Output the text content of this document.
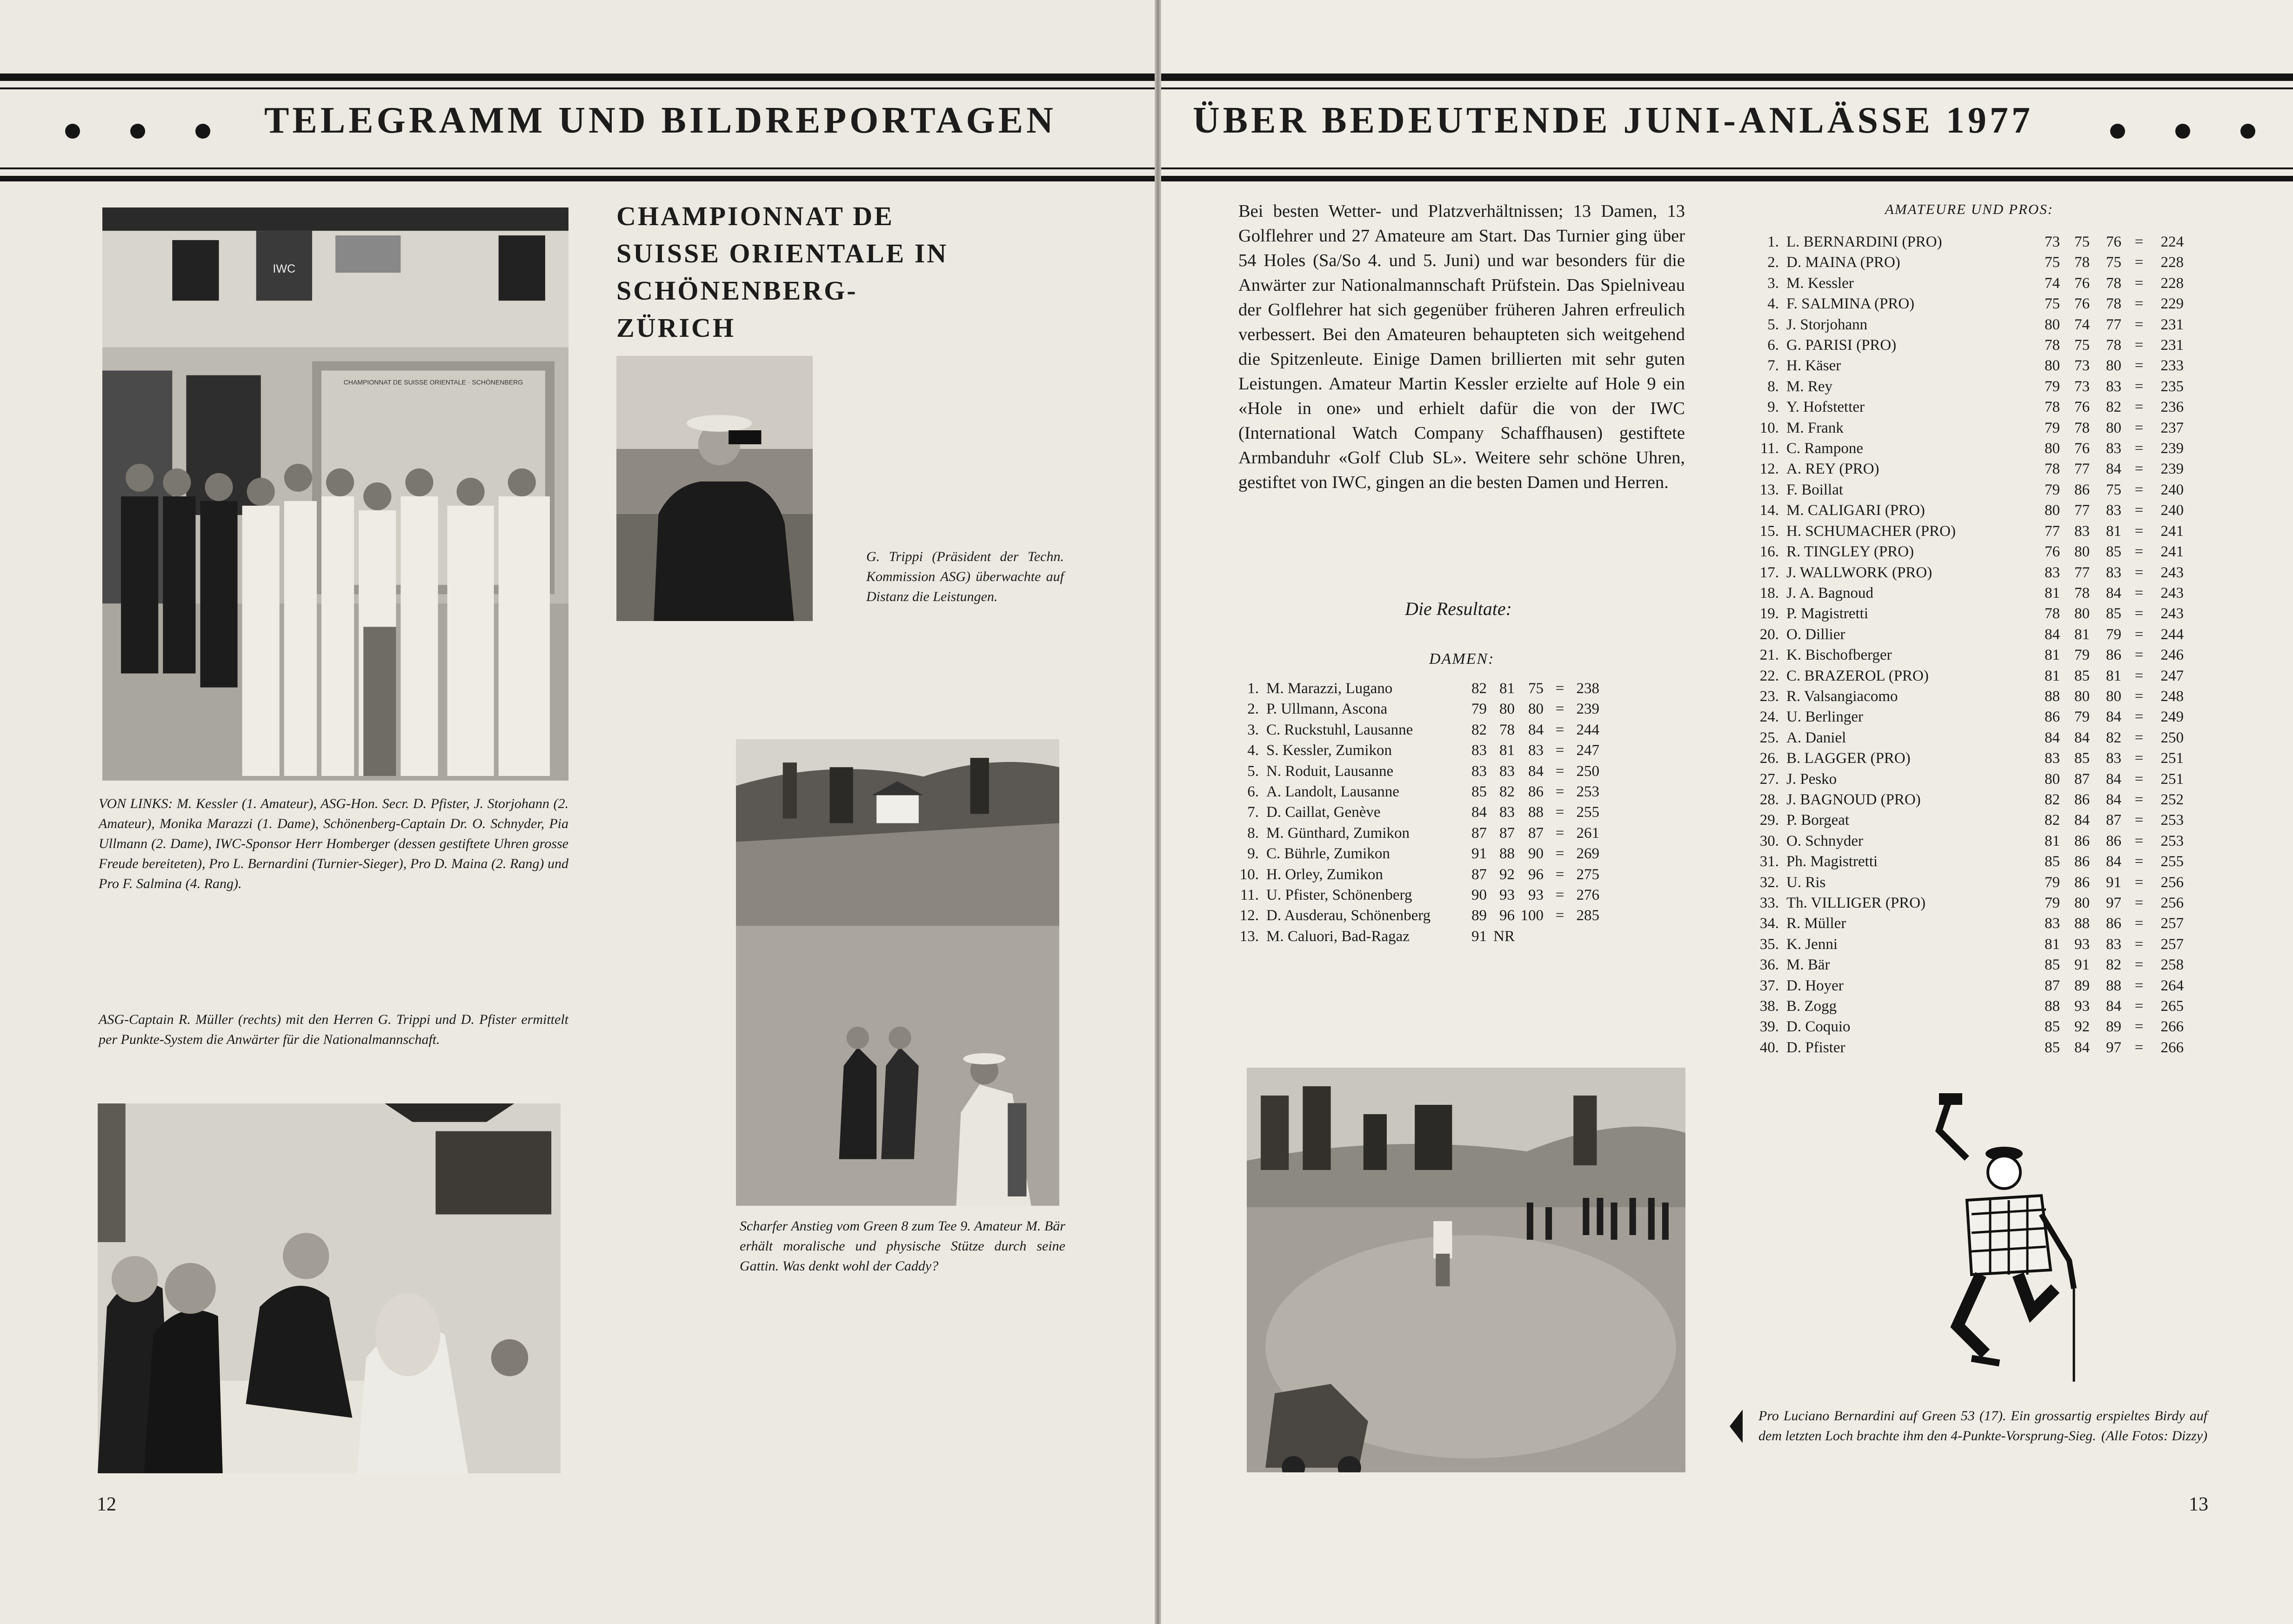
TELEGRAMM UND BILDREPORTAGEN	ÜBER BEDEUTENDE JUNI-ANLÄSSE 1977
IWC
CHAMPIONNAT DE SUISSE ORIENTALE · SCHÖNENBERG
VON LINKS: M. Kessler (1. Amateur), ASG-Hon. Secr. D. Pfister, J. Storjohann (2. Amateur), Monika Marazzi (1. Dame), Schönenberg-Captain Dr. O. Schnyder, Pia Ullmann (2. Dame), IWC-Sponsor Herr Homberger (dessen gestiftete Uhren grosse Freude bereiteten), Pro L. Bernardini (Turnier-Sieger), Pro D. Maina (2. Rang) und Pro F. Salmina (4. Rang).
CHAMPIONNAT DE SUISSE ORIENTALE IN SCHÖNENBERG-ZÜRICH
G. Trippi (Präsident der Techn. Kommission ASG) überwachte auf Distanz die Leistungen.
ASG-Captain R. Müller (rechts) mit den Herren G. Trippi und D. Pfister ermittelt per Punkte-System die Anwärter für die Nationalmannschaft.
Scharfer Anstieg vom Green 8 zum Tee 9. Amateur M. Bär erhält moralische und physische Stütze durch seine Gattin. Was denkt wohl der Caddy?
12
Bei besten Wetter- und Platzverhältnissen; 13 Damen, 13 Golflehrer und 27 Amateure am Start. Das Turnier ging über 54 Holes (Sa/So 4. und 5. Juni) und war besonders für die Anwärter zur Nationalmannschaft Prüfstein. Das Spielniveau der Golflehrer hat sich gegenüber früheren Jahren erfreulich verbessert. Bei den Amateuren behaupteten sich weitgehend die Spitzenleute. Einige Damen brillierten mit sehr guten Leistungen. Amateur Martin Kessler erzielte auf Hole 9 ein «Hole in one» und erhielt dafür die von der IWC (International Watch Company Schaffhausen) gestiftete Armbanduhr «Golf Club SL». Weitere sehr schöne Uhren, gestiftet von IWC, gingen an die besten Damen und Herren.
Die Resultate:
DAMEN:
1.	M. Marazzi, Lugano	82	81	75	=	238
2.	P. Ullmann, Ascona	79	80	80	=	239
3.	C. Ruckstuhl, Lausanne	82	78	84	=	244
4.	S. Kessler, Zumikon	83	81	83	=	247
5.	N. Roduit, Lausanne	83	83	84	=	250
6.	A. Landolt, Lausanne	85	82	86	=	253
7.	D. Caillat, Genève	84	83	88	=	255
8.	M. Günthard, Zumikon	87	87	87	=	261
9.	C. Bührle, Zumikon	91	88	90	=	269
10.	H. Orley, Zumikon	87	92	96	=	275
11.	U. Pfister, Schönenberg	90	93	93	=	276
12.	D. Ausderau, Schönenberg	89	96	100	=	285
13.	M. Caluori, Bad-Ragaz	91	NR			
AMATEURE UND PROS:
1.	L. BERNARDINI (PRO)	73	75	76	=	224
2.	D. MAINA (PRO)	75	78	75	=	228
3.	M. Kessler	74	76	78	=	228
4.	F. SALMINA (PRO)	75	76	78	=	229
5.	J. Storjohann	80	74	77	=	231
6.	G. PARISI (PRO)	78	75	78	=	231
7.	H. Käser	80	73	80	=	233
8.	M. Rey	79	73	83	=	235
9.	Y. Hofstetter	78	76	82	=	236
10.	M. Frank	79	78	80	=	237
11.	C. Rampone	80	76	83	=	239
12.	A. REY (PRO)	78	77	84	=	239
13.	F. Boillat	79	86	75	=	240
14.	M. CALIGARI (PRO)	80	77	83	=	240
15.	H. SCHUMACHER (PRO)	77	83	81	=	241
16.	R. TINGLEY (PRO)	76	80	85	=	241
17.	J. WALLWORK (PRO)	83	77	83	=	243
18.	J. A. Bagnoud	81	78	84	=	243
19.	P. Magistretti	78	80	85	=	243
20.	O. Dillier	84	81	79	=	244
21.	K. Bischofberger	81	79	86	=	246
22.	C. BRAZEROL (PRO)	81	85	81	=	247
23.	R. Valsangiacomo	88	80	80	=	248
24.	U. Berlinger	86	79	84	=	249
25.	A. Daniel	84	84	82	=	250
26.	B. LAGGER (PRO)	83	85	83	=	251
27.	J. Pesko	80	87	84	=	251
28.	J. BAGNOUD (PRO)	82	86	84	=	252
29.	P. Borgeat	82	84	87	=	253
30.	O. Schnyder	81	86	86	=	253
31.	Ph. Magistretti	85	86	84	=	255
32.	U. Ris	79	86	91	=	256
33.	Th. VILLIGER (PRO)	79	80	97	=	256
34.	R. Müller	83	88	86	=	257
35.	K. Jenni	81	93	83	=	257
36.	M. Bär	85	91	82	=	258
37.	D. Hoyer	87	89	88	=	264
38.	B. Zogg	88	93	84	=	265
39.	D. Coquio	85	92	89	=	266
40.	D. Pfister	85	84	97	=	266
Pro Luciano Bernardini auf Green 53 (17). Ein grossartig erspieltes Birdy auf dem letzten Loch brachte ihm den 4-Punkte-Vorsprung-Sieg. (Alle Fotos: Dizzy)
13
